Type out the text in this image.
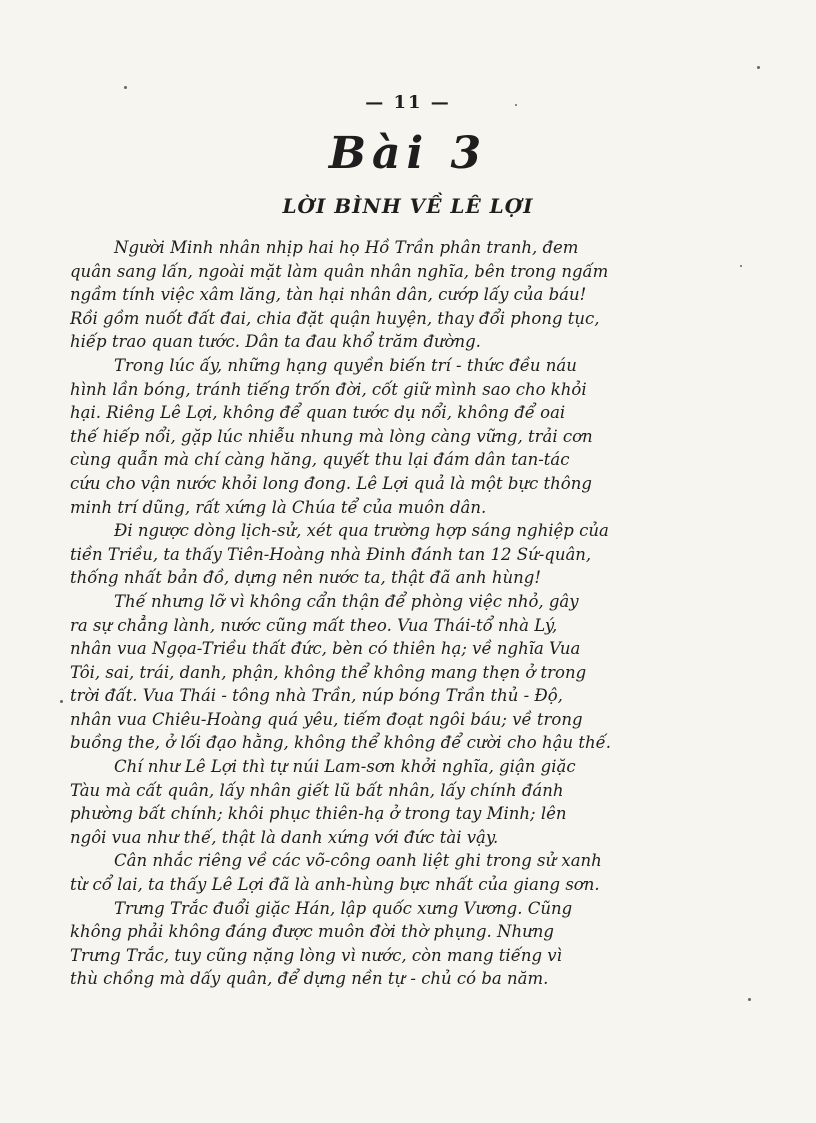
— 11 —
Bài 3
LỜI BÌNH VỀ LÊ LỢI

Người Minh nhân nhịp hai họ Hồ Trần phân tranh, đem
quân sang lấn, ngoài mặt làm quân nhân nghĩa, bên trong ngấm
ngầm tính việc xâm lăng, tàn hại nhân dân, cướp lấy của báu!
Rồi gồm nuốt đất đai, chia đặt quận huyện, thay đổi phong tục,
hiếp trao quan tước. Dân ta đau khổ trăm đường.

Trong lúc ấy, những hạng quyền biến trí - thức đều náu
hình lần bóng, tránh tiếng trốn đời, cốt giữ mình sao cho khỏi
hại. Riêng Lê Lợi, không để quan tước dụ nổi, không để oai
thế hiếp nổi, gặp lúc nhiễu nhung mà lòng càng vững, trải cơn
cùng quẫn mà chí càng hăng, quyết thu lại đám dân tan-tác
cứu cho vận nước khỏi long đong. Lê Lợi quả là một bực thông
minh trí dũng, rất xứng là Chúa tể của muôn dân.

Đi ngược dòng lịch-sử, xét qua trường hợp sáng nghiệp của
tiền Triều, ta thấy Tiên-Hoàng nhà Đinh đánh tan 12 Sứ-quân,
thống nhất bản đồ, dựng nên nước ta, thật đã anh hùng!

Thế nhưng lỡ vì không cẩn thận để phòng việc nhỏ, gây
ra sự chẳng lành, nước cũng mất theo. Vua Thái-tổ nhà Lý,
nhân vua Ngọa-Triều thất đức, bèn có thiên hạ; về nghĩa Vua
Tôi, sai, trái, danh, phận, không thể không mang thẹn ở trong
trời đất. Vua Thái - tông nhà Trần, núp bóng Trần thủ - Độ,
nhân vua Chiêu-Hoàng quá yêu, tiếm đoạt ngôi báu; về trong
buồng the, ở lối đạo hằng, không thể không để cười cho hậu thế.

Chí như Lê Lợi thì tự núi Lam-sơn khởi nghĩa, giận giặc
Tàu mà cất quân, lấy nhân giết lũ bất nhân, lấy chính đánh
phường bất chính; khôi phục thiên-hạ ở trong tay Minh; lên
ngôi vua như thế, thật là danh xứng với đức tài vậy.

Cân nhắc riêng về các võ-công oanh liệt ghi trong sử xanh
từ cổ lai, ta thấy Lê Lợi đã là anh-hùng bực nhất của giang sơn.

Trưng Trắc đuổi giặc Hán, lập quốc xưng Vương. Cũng
không phải không đáng được muôn đời thờ phụng. Nhưng
Trưng Trắc, tuy cũng nặng lòng vì nước, còn mang tiếng vì
thù chồng mà dấy quân, để dựng nền tự - chủ có ba năm.
